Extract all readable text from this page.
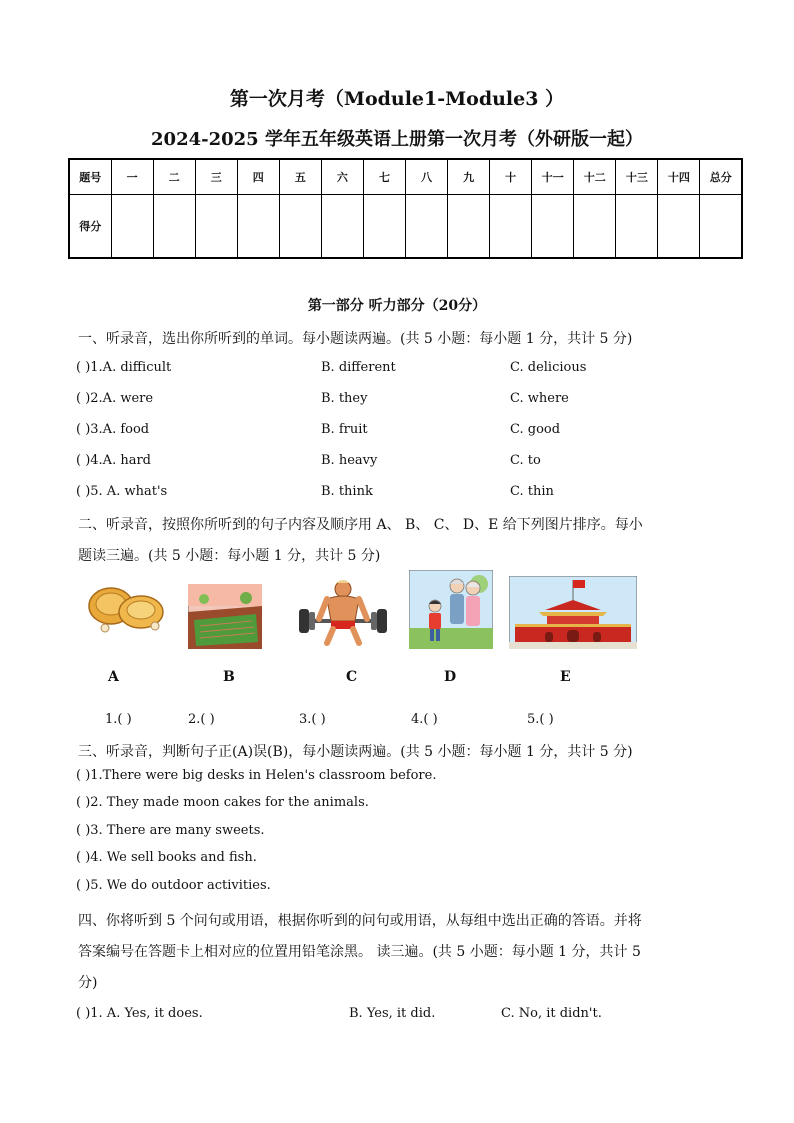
第一次月考（Module1-Module3 ）
2024-2025 学年五年级英语上册第一次月考（外研版一起）
题号	一	二	三	四	五	六	七	八	九	十	十一	十二	十三	十四	总分
得分															
第一部分 听力部分（20分）
一、听录音，选出你所听到的单词。每小题读两遍。(共 5 小题：每小题 1 分，共计 5 分)
( )1.A. difficult	B. different	C. delicious
( )2.A. were	B. they	C. where
( )3.A. food	B. fruit	C. good
( )4.A. hard	B. heavy	C. to
( )5. A. what's	B. think	C. thin
二、听录音，按照你所听到的句子内容及顺序用 A、 B、 C、 D、E 给下列图片排序。每小
题读三遍。(共 5 小题：每小题 1 分，共计 5 分)
A	B	C	D	E
1.( )	2.( )	3.( )	4.( )	5.( )
三、听录音，判断句子正(A)误(B)，每小题读两遍。(共 5 小题：每小题 1 分，共计 5 分)
( )1.There were big desks in Helen's classroom before.
( )2. They made moon cakes for the animals.
( )3. There are many sweets.
( )4. We sell books and fish.
( )5. We do outdoor activities.
四、你将听到 5 个问句或用语，根据你听到的问句或用语，从每组中选出正确的答语。并将
答案编号在答题卡上相对应的位置用铅笔涂黑。 读三遍。(共 5 小题：每小题 1 分，共计 5
分)
( )1. A. Yes, it does.	B. Yes, it did.	C. No, it didn't.
